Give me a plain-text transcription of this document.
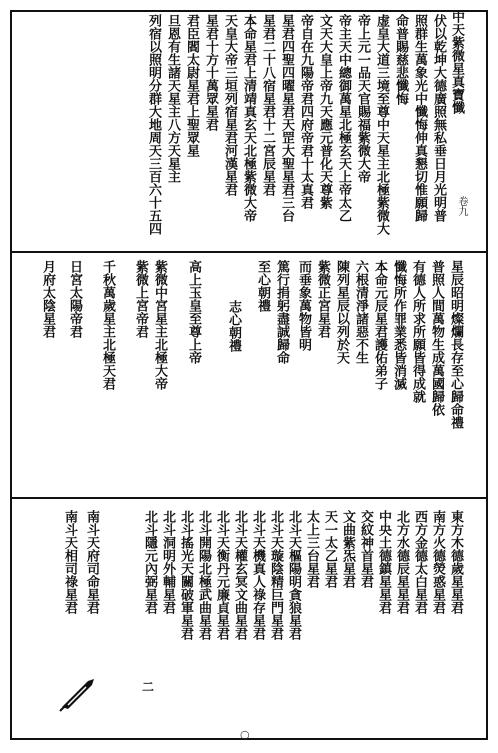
中天紫微星真寶懺
卷九
伏以乾坤大德廣照無私垂日月光明普
照群生萬象光中懺悔伸真懇切惟願歸
命普賜慈悲懺悔
虚皇大道三境至尊中天星主北極紫微大
帝上元一品天官賜福紫微大帝
帝主天中總御萬星北極玄天上帝太乙
文天大皇上帝九天應元普化天尊紫
帝自在九陽帝君四府帝君十太真君
星君四聖四曜星君天罡大聖星君三台
星君二十八宿星君十二宮辰星君
本命星君上清靖真玄天北極紫微大帝
天皇大帝三垣列宿星君河漢星君
星君十方十萬眾星君
君臣閻太尉星君上聖眾星
旦恩有生諸天星主八方天星主
列宿以照明分群大地周天三百六十五四
星辰昭明燦爛長存至心歸命禮
普照人間萬物生成萬國歸依
有德人所求所願皆得成就
懺悔所作罪業悉皆消滅
本命元辰星君護佑弟子
六根清淨諸惡不生
陳列星辰以列於天
紫微正宮星君
而垂象萬物皆明
篤行捐躬盡誠歸命
至心朝禮
志心朝禮
高上玉皇至尊上帝
紫微中宮星主北極大帝
紫微上宮帝君
千秋萬歲星主北極天君
日宮太陽帝君
月府太陰星君
東方木德歲星星君
南方火德熒惑星君
西方金德太白星君
北方水德辰星星君
中央土德鎮星星君
交紋神首星君
文曲紫炁星君
天一太乙星君
太上三台星君
北斗天樞陽明貪狼星君
北斗天璇陰精巨門星君
北斗天機真人祿存星君
北斗天權玄冥文曲星君
北斗天衡丹元廉貞星君
北斗開陽北極武曲星君
北斗搖光天關破軍星君
北斗洞明外輔星君
北斗隱元內弼星君
南斗天府司命星君
南斗天相司祿星君
二
○
